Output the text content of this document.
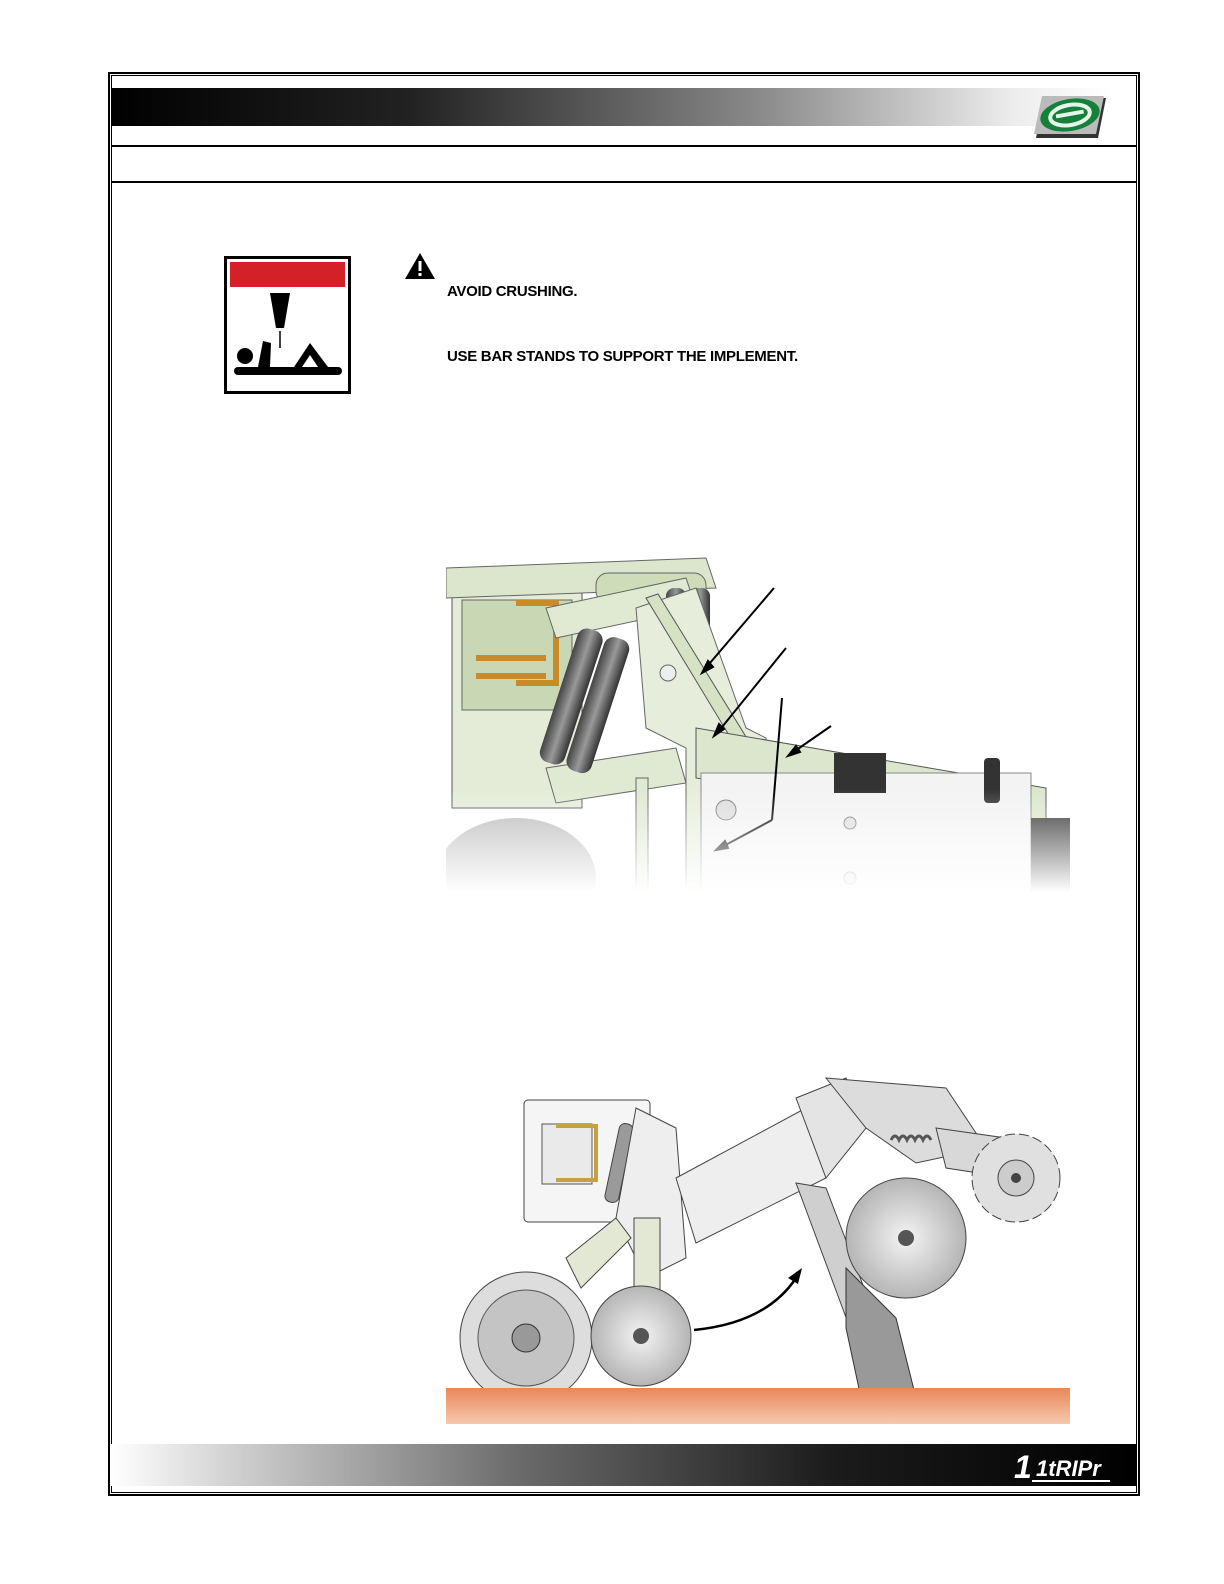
AVOID CRUSHING.
USE BAR STANDS TO SUPPORT THE IMPLEMENT.
1 1tRIPr
